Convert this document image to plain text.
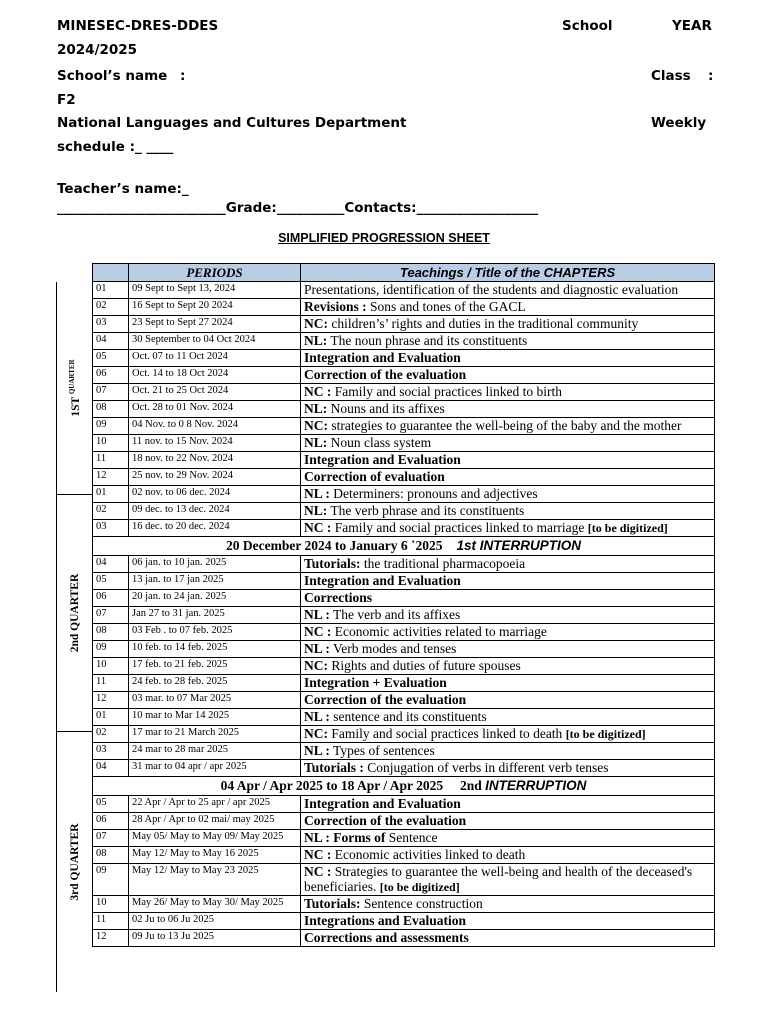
MINESEC-DRES-DDES	School	YEAR
2024/2025
School’s name :	Class :
F2
National Languages and Cultures Department	Weekly
schedule :_ ____
Teacher’s name:_
_________________________Grade:__________Contacts:__________________
SIMPLIFIED PROGRESSION SHEET
1ST $^{QUARTER}$
2nd QUARTER
3rd QUARTER
	PERIODS	Teachings / Title of the CHAPTERS
01	09 Sept to Sept 13, 2024	Presentations, identification of the students and diagnostic evaluation
02	16 Sept to Sept 20 2024	Revisions : Sons and tones of the GACL
03	23 Sept to Sept 27 2024	NC: children’s’ rights and duties in the traditional community
04	30 September to 04 Oct 2024	NL: The noun phrase and its constituents
05	Oct. 07 to 11 Oct 2024	Integration and Evaluation
06	Oct. 14 to 18 Oct 2024	Correction of the evaluation
07	Oct. 21 to 25 Oct 2024	NC : Family and social practices linked to birth
08	Oct. 28 to 01 Nov. 2024	NL: Nouns and its affixes
09	04 Nov. to 0 8 Nov. 2024	NC: strategies to guarantee the well-being of the baby and the mother
10	11 nov. to 15 Nov. 2024	NL: Noun class system
11	18 nov. to 22 Nov. 2024	Integration and Evaluation
12	25 nov. to 29 Nov. 2024	Correction of evaluation
01	02 nov. to 06 dec. 2024	NL : Determiners: pronouns and adjectives
02	09 dec. to 13 dec. 2024	NL: The verb phrase and its constituents
03	16 dec. to 20 dec. 2024	NC : Family and social practices linked to marriage [to be digitized]
20 December 2024 to January 6 ˙2025 1st INTERRUPTION		
04	06 jan. to 10 jan. 2025	Tutorials: the traditional pharmacopoeia
05	13 jan. to 17 jan 2025	Integration and Evaluation
06	20 jan. to 24 jan. 2025	Corrections
07	Jan 27 to 31 jan. 2025	NL : The verb and its affixes
08	03 Feb . to 07 feb. 2025	NC : Economic activities related to marriage
09	10 feb. to 14 feb. 2025	NL : Verb modes and tenses
10	17 feb. to 21 feb. 2025	NC: Rights and duties of future spouses
11	24 feb. to 28 feb. 2025	Integration + Evaluation
12	03 mar. to 07 Mar 2025	Correction of the evaluation
01	10 mar to Mar 14 2025	NL : sentence and its constituents
02	17 mar to 21 March 2025	NC: Family and social practices linked to death [to be digitized]
03	24 mar to 28 mar 2025	NL : Types of sentences
04	31 mar to 04 apr / apr 2025	Tutorials : Conjugation of verbs in different verb tenses
04 Apr / Apr 2025 to 18 Apr / Apr 2025 2nd INTERRUPTION		
05	22 Apr / Apr to 25 apr / apr 2025	Integration and Evaluation
06	28 Apr / Apr to 02 mai/ may 2025	Correction of the evaluation
07	May 05/ May to May 09/ May 2025	NL : Forms of Sentence
08	May 12/ May to May 16 2025	NC : Economic activities linked to death
09	May 12/ May to May 23 2025	NC : Strategies to guarantee the well-being and health of the deceased's beneficiaries. [to be digitized]
10	May 26/ May to May 30/ May 2025	Tutorials: Sentence construction
11	02 Ju to 06 Ju 2025	Integrations and Evaluation
12	09 Ju to 13 Ju 2025	Corrections and assessments
